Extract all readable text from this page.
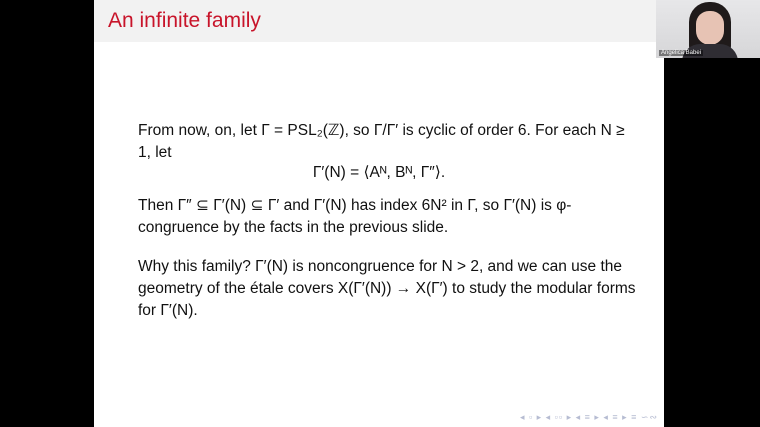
An infinite family
From now, on, let Γ = PSL₂(ℤ), so Γ/Γ′ is cyclic of order 6. For each N ≥ 1, let
Γ′(N) = ⟨Aᴺ, Bᴺ, Γ″⟩.
Then Γ″ ⊆ Γ′(N) ⊆ Γ′ and Γ′(N) has index 6N² in Γ, so Γ′(N) is φ-congruence by the facts in the previous slide.
Why this family? Γ′(N) is noncongruence for N > 2, and we can use the geometry of the étale covers X(Γ′(N)) → X(Γ′) to study the modular forms for Γ′(N).
◂ ▫ ▸ ◂ ▫▫ ▸ ◂ ≡ ▸ ◂ ≡ ▸ ≡ ∽∾
Angelica Babei
